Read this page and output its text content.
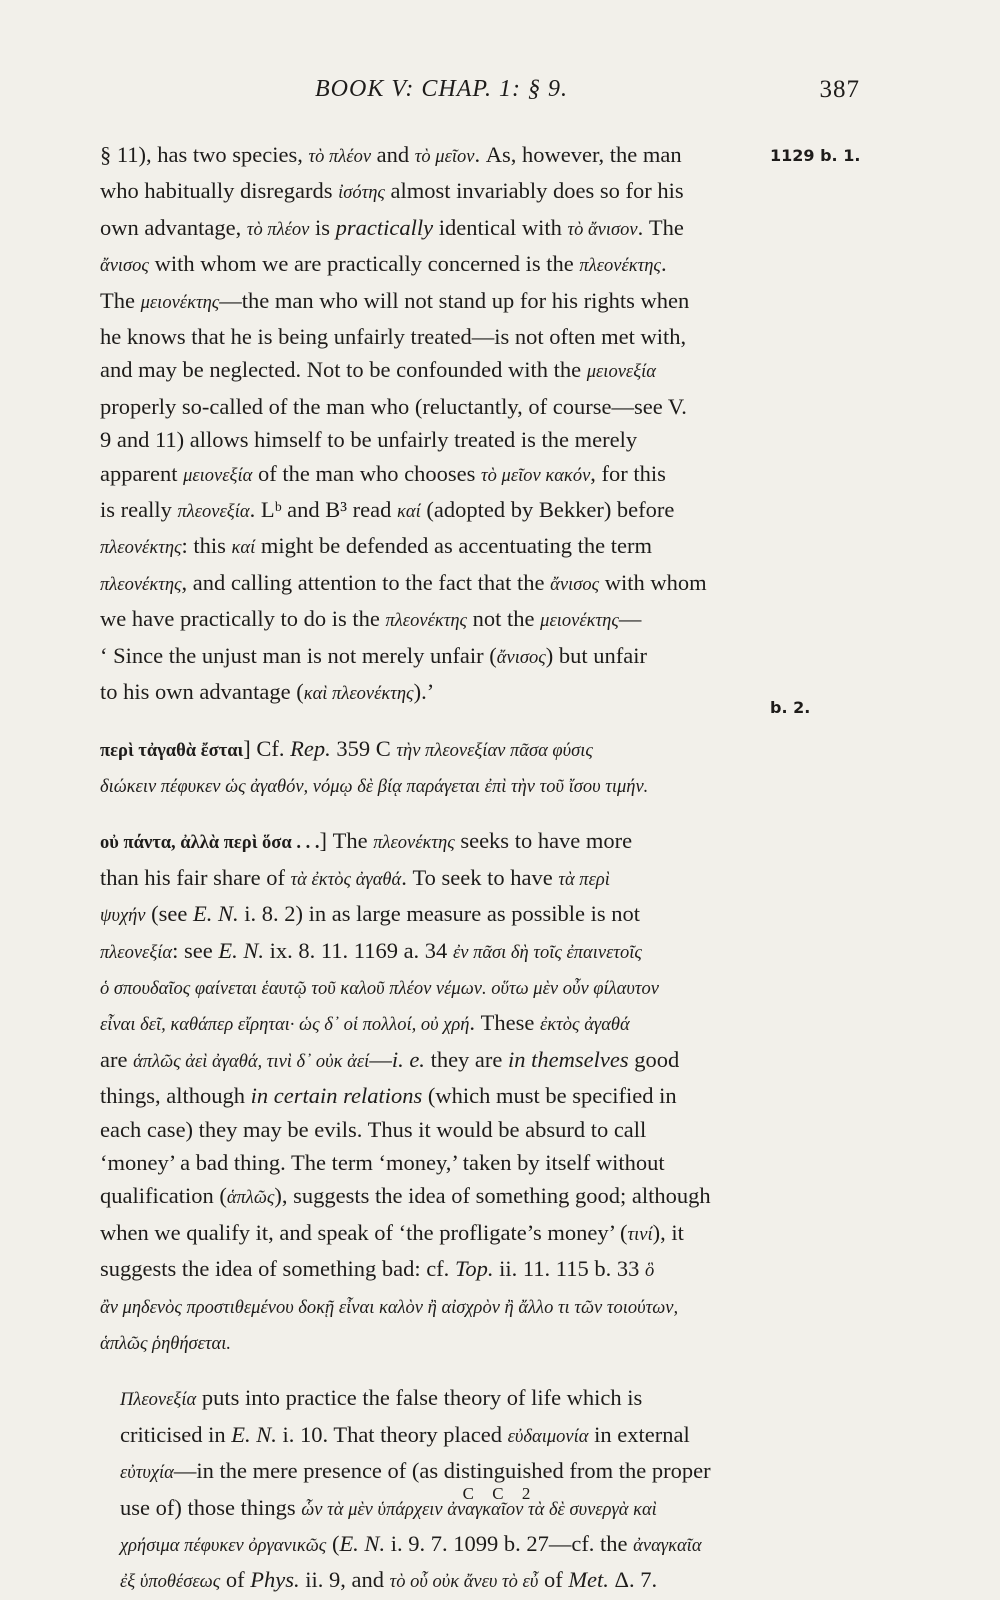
BOOK V: CHAP. 1: § 9.	387

§ 11), has two species, τὸ πλέον and τὸ μεῖον. As, however, the man
who habitually disregards ἰσότης almost invariably does so for his
own advantage, τὸ πλέον is practically identical with τὸ ἄνισον. The
ἄνισος with whom we are practically concerned is the πλεονέκτης.
The μειονέκτης—the man who will not stand up for his rights when
he knows that he is being unfairly treated—is not often met with,
and may be neglected. Not to be confounded with the μειονεξία
properly so-called of the man who (reluctantly, of course—see V.
9 and 11) allows himself to be unfairly treated is the merely
apparent μειονεξία of the man who chooses τὸ μεῖον κακόν, for this
is really πλεονεξία. Lᵇ and B³ read καί (adopted by Bekker) before
πλεονέκτης: this καί might be defended as accentuating the term
πλεονέκτης, and calling attention to the fact that the ἄνισος with whom
we have practically to do is the πλεονέκτης not the μειονέκτης—
‘ Since the unjust man is not merely unfair (ἄνισος) but unfair
to his own advantage (καὶ πλεονέκτης).’

περὶ τἀγαθὰ ἔσται] Cf. Rep. 359 C τὴν πλεονεξίαν πᾶσα φύσις
διώκειν πέφυκεν ὡς ἀγαθόν, νόμῳ δὲ βίᾳ παράγεται ἐπὶ τὴν τοῦ ἴσου τιμήν.

οὐ πάντα, ἀλλὰ περὶ ὅσα . . .] The πλεονέκτης seeks to have more
than his fair share of τὰ ἐκτὸς ἀγαθά. To seek to have τὰ περὶ
ψυχήν (see E. N. i. 8. 2) in as large measure as possible is not
πλεονεξία: see E. N. ix. 8. 11. 1169 a. 34 ἐν πᾶσι δὴ τοῖς ἐπαινετοῖς
ὁ σπουδαῖος φαίνεται ἑαυτῷ τοῦ καλοῦ πλέον νέμων. οὕτω μὲν οὖν φίλαυτον
εἶναι δεῖ, καθάπερ εἴρηται· ὡς δ᾽ οἱ πολλοί, οὐ χρή. These ἐκτὸς ἀγαθά
are ἁπλῶς ἀεὶ ἀγαθά, τινὶ δ᾽ οὐκ ἀεί—i. e. they are in themselves good
things, although in certain relations (which must be specified in
each case) they may be evils. Thus it would be absurd to call
‘money’ a bad thing. The term ‘money,’ taken by itself without
qualification (ἁπλῶς), suggests the idea of something good; although
when we qualify it, and speak of ‘the profligate’s money’ (τινί), it
suggests the idea of something bad: cf. Top. ii. 11. 115 b. 33 ὃ
ἂν μηδενὸς προστιθεμένου δοκῇ εἶναι καλὸν ἢ αἰσχρὸν ἢ ἄλλο τι τῶν τοιούτων,
ἁπλῶς ῥηθήσεται.

Πλεονεξία puts into practice the false theory of life which is
criticised in E. N. i. 10. That theory placed εὐδαιμονία in external
εὐτυχία—in the mere presence of (as distinguished from the proper
use of) those things ὧν τὰ μὲν ὑπάρχειν ἀναγκαῖον τὰ δὲ συνεργὰ καὶ
χρήσιμα πέφυκεν ὀργανικῶς (E. N. i. 9. 7. 1099 b. 27—cf. the ἀναγκαῖα
ἐξ ὑποθέσεως of Phys. ii. 9, and τὸ οὗ οὐκ ἄνευ τὸ εὖ of Met. Δ. 7.

1129 b. 1.
b. 2.
C C 2
